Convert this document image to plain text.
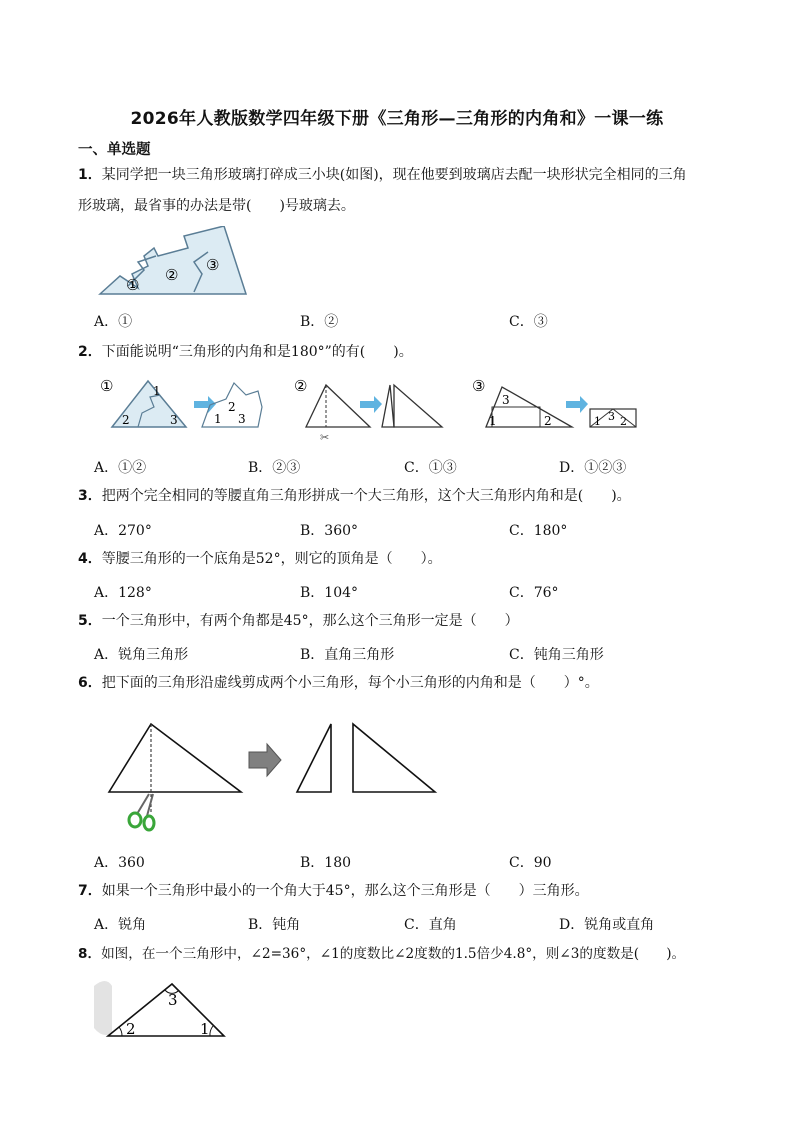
2026年人教版数学四年级下册《三角形—三角形的内角和》一课一练
一、单选题
1．某同学把一块三角形玻璃打碎成三小块(如图)，现在他要到玻璃店去配一块形状完全相同的三角
形玻璃，最省事的办法是带(　　)号玻璃去。
①
②
③
A．①	B．②	C．③
2．下面能说明“三角形的内角和是180°”的有(　　)。
①
2
1
3	1
2
3
②
✂
③
3
1	2	1 3 2
A．①②	B．②③	C．①③	D．①②③
3．把两个完全相同的等腰直角三角形拼成一个大三角形，这个大三角形内角和是(　　)。
A．270°	B．360°	C．180°
4．等腰三角形的一个底角是52°，则它的顶角是（　　）。
A．128°	B．104°	C．76°
5．一个三角形中，有两个角都是45°，那么这个三角形一定是（　　）
A．锐角三角形	B．直角三角形	C．钝角三角形
6．把下面的三角形沿虚线剪成两个小三角形，每个小三角形的内角和是（　　）°。
A．360	B．180	C．90
7．如果一个三角形中最小的一个角大于45°，那么这个三角形是（　　）三角形。
A．锐角	B．钝角	C．直角	D．锐角或直角
8．如图，在一个三角形中，∠2=36°，∠1的度数比∠2度数的1.5倍少4.8°，则∠3的度数是(　　)。
3
2	1
